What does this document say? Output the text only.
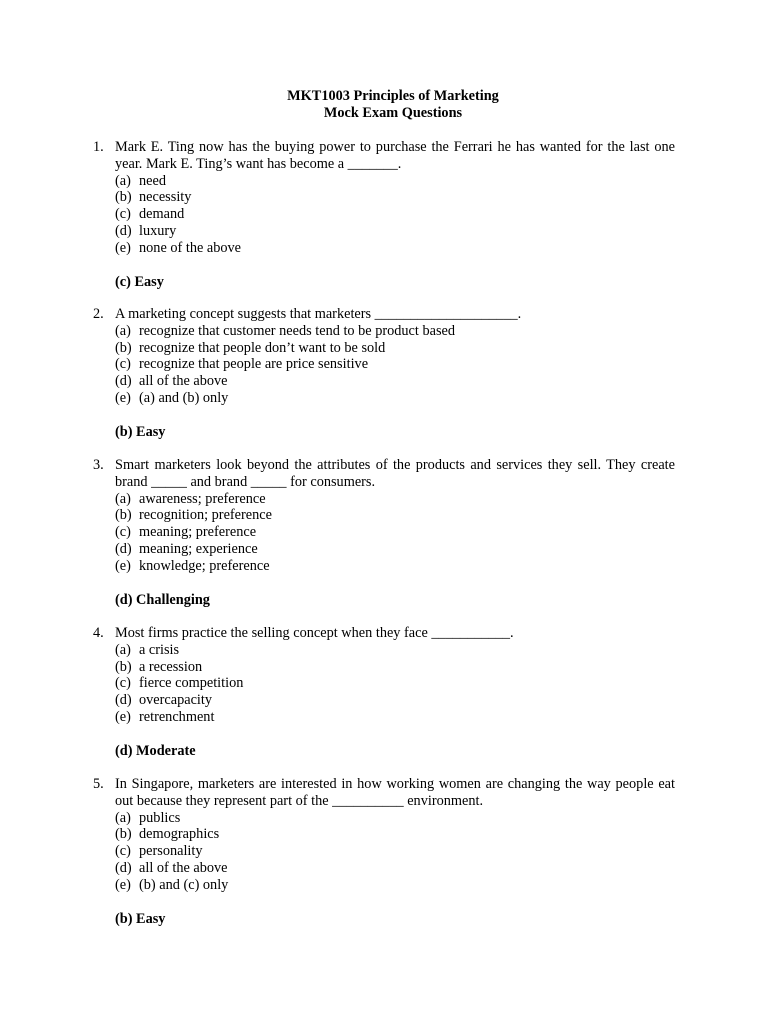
MKT1003 Principles of Marketing
Mock Exam Questions
1. Mark E. Ting now has the buying power to purchase the Ferrari he has wanted for the last one year. Mark E. Ting’s want has become a _______.
(a) need
(b) necessity
(c) demand
(d) luxury
(e) none of the above
(c) Easy
2. A marketing concept suggests that marketers ____________________.
(a) recognize that customer needs tend to be product based
(b) recognize that people don’t want to be sold
(c) recognize that people are price sensitive
(d) all of the above
(e) (a) and (b) only
(b) Easy
3. Smart marketers look beyond the attributes of the products and services they sell. They create brand _____ and brand _____ for consumers.
(a) awareness; preference
(b) recognition; preference
(c) meaning; preference
(d) meaning; experience
(e) knowledge; preference
(d) Challenging
4. Most firms practice the selling concept when they face ___________.
(a) a crisis
(b) a recession
(c) fierce competition
(d) overcapacity
(e) retrenchment
(d) Moderate
5. In Singapore, marketers are interested in how working women are changing the way people eat out because they represent part of the __________ environment.
(a) publics
(b) demographics
(c) personality
(d) all of the above
(e) (b) and (c) only
(b) Easy
